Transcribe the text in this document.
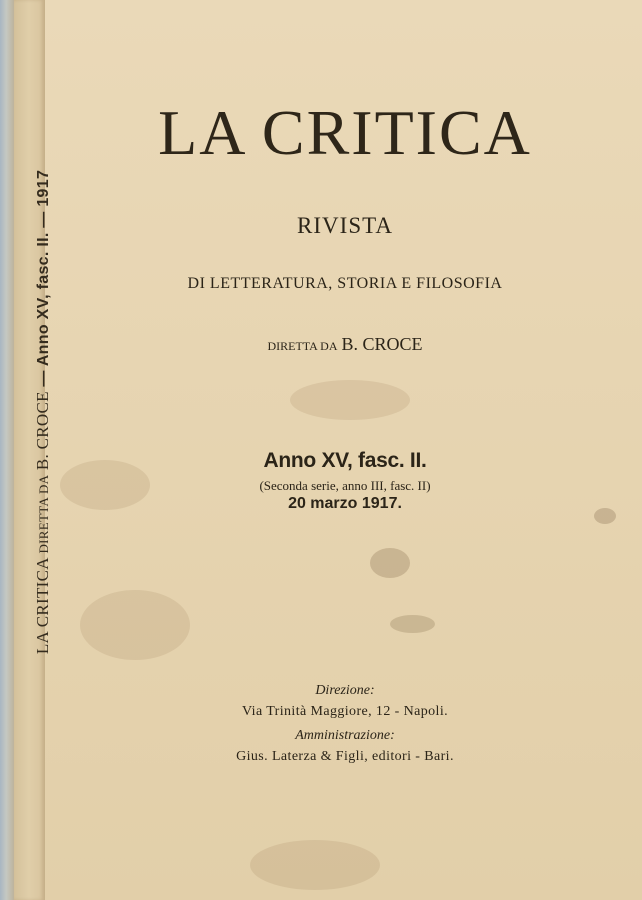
LA CRITICA DIRETTA DA B. CROCE — Anno XV, fasc. II. — 1917
LA CRITICA
RIVISTA
DI LETTERATURA, STORIA E FILOSOFIA
DIRETTA DA B. CROCE
Anno XV, fasc. II.
(Seconda serie, anno III, fasc. II)
20 marzo 1917.
Direzione:
Via Trinità Maggiore, 12 - Napoli.
Amministrazione:
Gius. Laterza & Figli, editori - Bari.
